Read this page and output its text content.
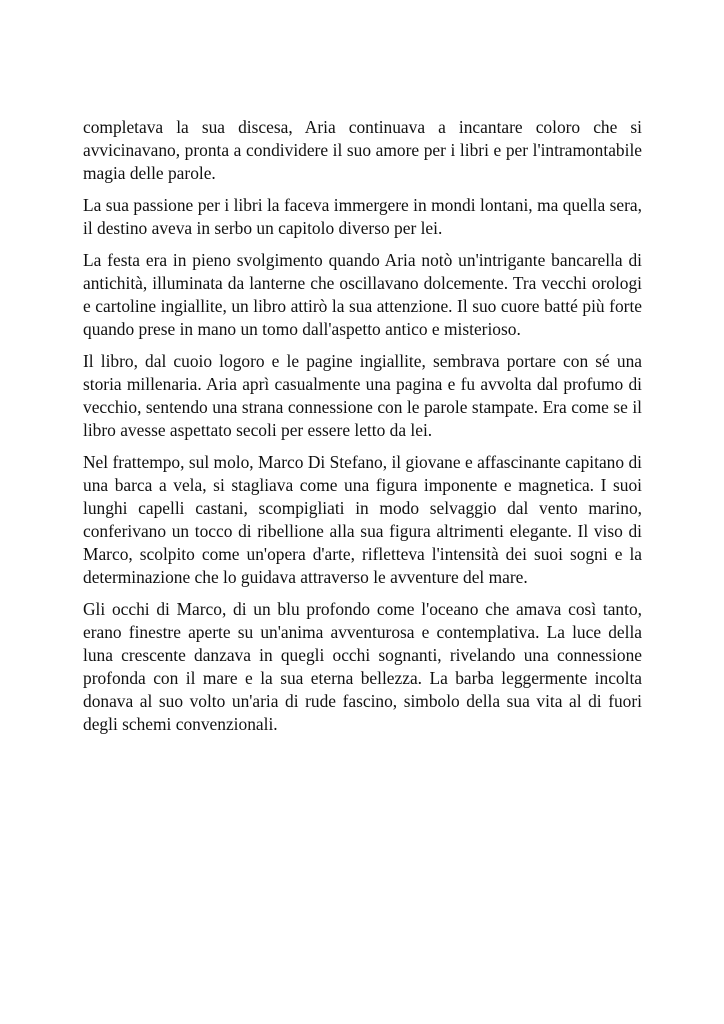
completava la sua discesa, Aria continuava a incantare coloro che si avvicinavano, pronta a condividere il suo amore per i libri e per l'intramontabile magia delle parole.

La sua passione per i libri la faceva immergere in mondi lontani, ma quella sera, il destino aveva in serbo un capitolo diverso per lei.

La festa era in pieno svolgimento quando Aria notò un'intrigante bancarella di antichità, illuminata da lanterne che oscillavano dolcemente. Tra vecchi orologi e cartoline ingiallite, un libro attirò la sua attenzione. Il suo cuore batté più forte quando prese in mano un tomo dall'aspetto antico e misterioso.

Il libro, dal cuoio logoro e le pagine ingiallite, sembrava portare con sé una storia millenaria. Aria aprì casualmente una pagina e fu avvolta dal profumo di vecchio, sentendo una strana connessione con le parole stampate. Era come se il libro avesse aspettato secoli per essere letto da lei.

Nel frattempo, sul molo, Marco Di Stefano, il giovane e affascinante capitano di una barca a vela, si stagliava come una figura imponente e magnetica. I suoi lunghi capelli castani, scompigliati in modo selvaggio dal vento marino, conferivano un tocco di ribellione alla sua figura altrimenti elegante. Il viso di Marco, scolpito come un'opera d'arte, rifletteva l'intensità dei suoi sogni e la determinazione che lo guidava attraverso le avventure del mare.

Gli occhi di Marco, di un blu profondo come l'oceano che amava così tanto, erano finestre aperte su un'anima avventurosa e contemplativa. La luce della luna crescente danzava in quegli occhi sognanti, rivelando una connessione profonda con il mare e la sua eterna bellezza. La barba leggermente incolta donava al suo volto un'aria di rude fascino, simbolo della sua vita al di fuori degli schemi convenzionali.
